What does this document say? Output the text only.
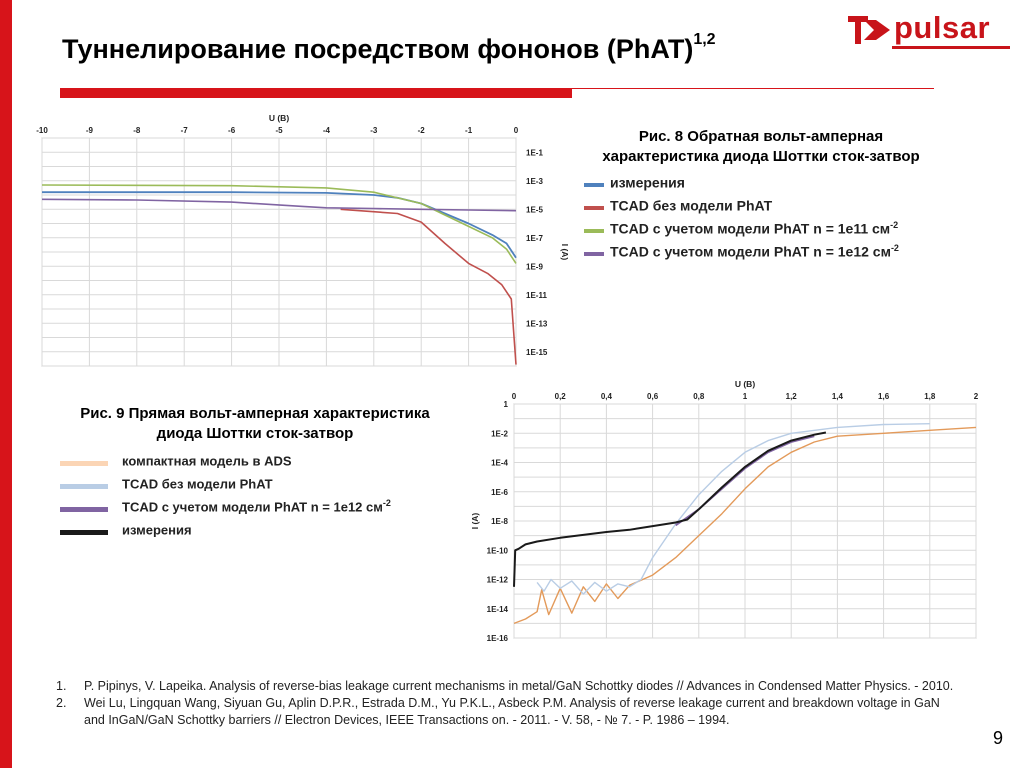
Туннелирование посредством фононов (PhAT)$^{1,2}$	pulsar
-10	-9	-8	-7	-6	-5	-4	-3	-2	-1	0
1E-1
1E-3
1E-5
1E-7
1E-9
1E-11
1E-13
1E-15
U (B)
I (A)
Рис. 8 Обратная вольт-амперная
характеристика диода Шоттки сток-затвор
измерения
TCAD без модели PhAT
TCAD с учетом модели PhAT n = 1e11 $см^{-2}$
TCAD с учетом модели PhAT n = 1e12 $см^{-2}$
0	0,2	0,4	0,6	0,8	1	1,2	1,4	1,6	1,8	2
1
1E-2
1E-4
1E-6
1E-8
1E-10
1E-12
1E-14
1E-16
U (B)
I (A)
Рис. 9 Прямая вольт-амперная характеристика
диода Шоттки сток-затвор
компактная модель в ADS
TCAD без модели PhAT
TCAD с учетом модели PhAT n = 1e12 $см^{-2}$
измерения
1. P. Pipinys, V. Lapeika. Analysis of reverse-bias leakage current mechanisms in metal/GaN Schottky diodes // Advances in Condensed Matter Physics. - 2010.
2. Wei Lu, Lingquan Wang, Siyuan Gu, Aplin D.P.R., Estrada D.M., Yu P.K.L., Asbeck P.M. Analysis of reverse leakage current and breakdown voltage in GaN and InGaN/GaN Schottky barriers // Electron Devices, IEEE Transactions on. - 2011. - V. 58, - № 7. - P. 1986 – 1994.
9
